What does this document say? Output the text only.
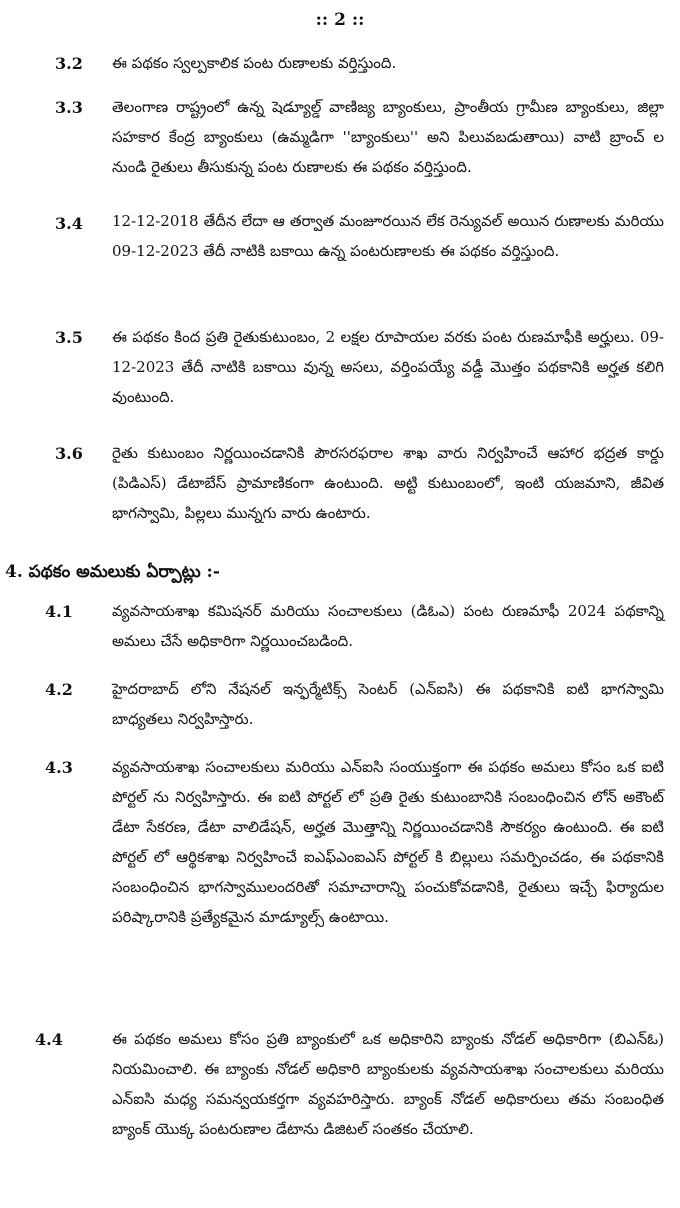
:: 2 ::
3.2 ఈ పథకం స్వల్పకాలిక పంట రుణాలకు వర్తిస్తుంది.
3.3 తెలంగాణ రాష్ట్రంలో ఉన్న షెడ్యూల్డ్ వాణిజ్య బ్యాంకులు, ప్రాంతీయ గ్రామీణ బ్యాంకులు, జిల్లా సహకార కేంద్ర బ్యాంకులు (ఉమ్మడిగా ''బ్యాంకులు'' అని పిలువబడుతాయి) వాటి బ్రాంచ్ ల నుండి రైతులు తీసుకున్న పంట రుణాలకు ఈ పథకం వర్తిస్తుంది.
3.4 12-12-2018 తేదీన లేదా ఆ తర్వాత మంజూరయిన లేక రెన్యువల్ అయిన రుణాలకు మరియు 09-12-2023 తేదీ నాటికి బకాయి ఉన్న పంటరుణాలకు ఈ పథకం వర్తిస్తుంది.
3.5 ఈ పథకం కింద ప్రతి రైతుకుటుంబం, 2 లక్షల రూపాయల వరకు పంట రుణమాఫీకి అర్హులు. 09-12-2023 తేదీ నాటికి బకాయి వున్న అసలు, వర్తింపయ్యే వడ్డీ మొత్తం పథకానికి అర్హత కలిగి వుంటుంది.
3.6 రైతు కుటుంబం నిర్ణయించడానికి పౌరసరఫరాల శాఖ వారు నిర్వహించే ఆహార భద్రత కార్డు (పిడిఎస్) డేటాబేస్ ప్రామాణికంగా ఉంటుంది. అట్టి కుటుంబంలో, ఇంటి యజమాని, జీవిత భాగస్వామి, పిల్లలు మున్నగు వారు ఉంటారు.
4. పథకం అమలుకు ఏర్పాట్లు :-
4.1	వ్యవసాయశాఖ కమిషనర్ మరియు సంచాలకులు (డిఓఎ) పంట రుణమాఫీ 2024 పథకాన్ని అమలు చేసే అధికారిగా నిర్ణయించబడింది.
4.2	హైదరాబాద్ లోని నేషనల్ ఇన్ఫర్మేటిక్స్ సెంటర్ (ఎన్ఐసి) ఈ పథకానికి ఐటి భాగస్వామి బాధ్యతలు నిర్వహిస్తారు.
4.3	వ్యవసాయశాఖ సంచాలకులు మరియు ఎన్ఐసి సంయుక్తంగా ఈ పథకం అమలు కోసం ఒక ఐటి పోర్టల్ ను నిర్వహిస్తారు. ఈ ఐటి పోర్టల్ లో ప్రతి రైతు కుటుంబానికి సంబంధించిన లోన్ అకౌంట్ డేటా సేకరణ, డేటా వాలిడేషన్, అర్హత మొత్తాన్ని నిర్ణయించడానికి సౌకర్యం ఉంటుంది. ఈ ఐటి పోర్టల్ లో ఆర్థికశాఖ నిర్వహించే ఐఎఫ్ఎంఐఎస్ పోర్టల్ కి బిల్లులు సమర్పించడం, ఈ పథకానికి సంబంధించిన భాగస్వాములందరితో సమాచారాన్ని పంచుకోవడానికి, రైతులు ఇచ్చే ఫిర్యాదుల పరిష్కారానికి ప్రత్యేకమైన మాడ్యూల్స్ ఉంటాయి.
4.4	ఈ పథకం అమలు కోసం ప్రతి బ్యాంకులో ఒక అధికారిని బ్యాంకు నోడల్ అధికారిగా (బిఎన్ఓ) నియమించాలి. ఈ బ్యాంకు నోడల్ అధికారి బ్యాంకులకు వ్యవసాయశాఖ సంచాలకులు మరియు ఎన్ఐసి మధ్య సమన్వయకర్తగా వ్యవహరిస్తారు. బ్యాంక్ నోడల్ అధికారులు తమ సంబంధిత బ్యాంక్ యొక్క పంటరుణాల డేటాను డిజిటల్ సంతకం చేయాలి.
